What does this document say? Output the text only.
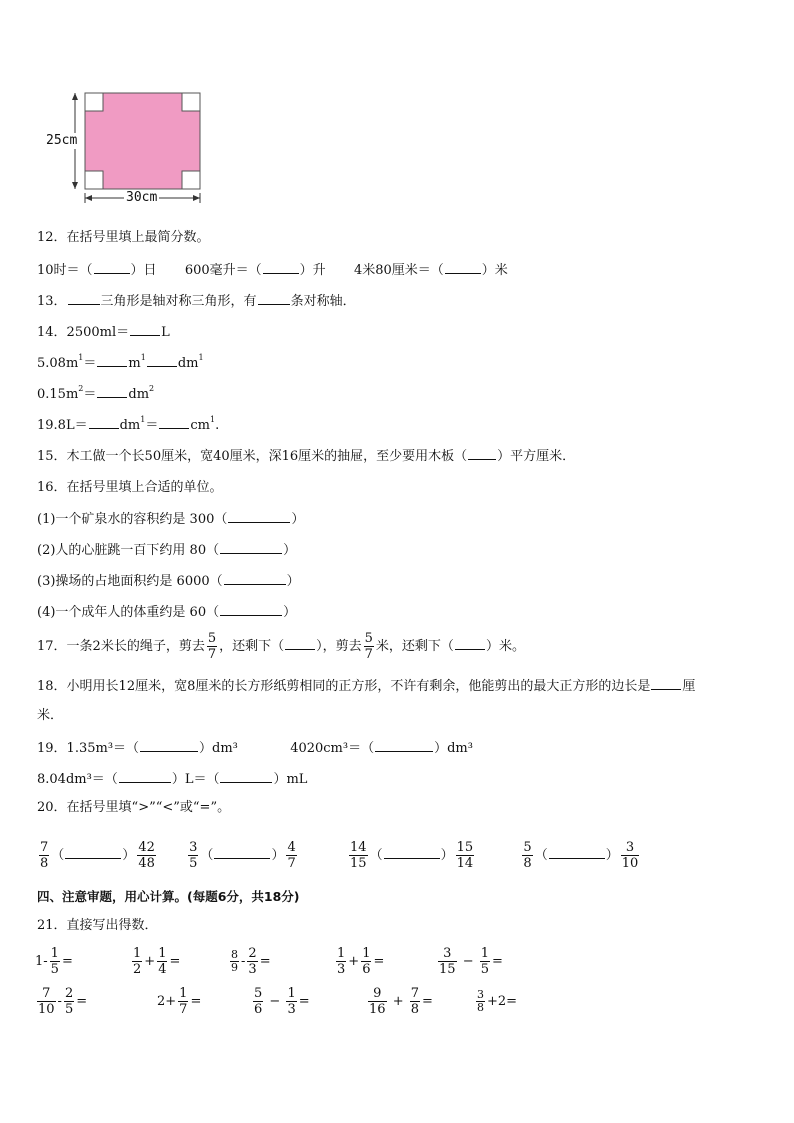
25cm
30cm
12．在括号里填上最简分数。
10时＝（	）日 600毫升＝（	）升 4米80厘米＝（	）米
13．	三角形是轴对称三角形，有	条对称轴．
14．2500ml＝ L
$5.08m^1= m^1$ $dm^1$
$0.15m^2= dm^2$
$19.8L= dm^1= cm^1$.
15．木工做一个长50厘米，宽40厘米，深16厘米的抽屉，至少要用木板（ ）平方厘米．
16．在括号里填上合适的单位。
(1)一个矿泉水的容积约是 300（	）
(2)人的心脏跳一百下约用 80（	）
(3)操场的占地面积约是 6000（	）
(4)一个成年人的体重约是 60（	）
17．一条2米长的绳子，剪去 $\frac{5}{7}$ ，还剩下（ ），剪去 $\frac{5}{7}$ 米，还剩下（ ）米。
18．小明用长12厘米，宽8厘米的长方形纸剪相同的正方形，不许有剩余，他能剪出的最大正方形的边长是 厘
米．
19．1.35m³＝（	）dm³	4020cm³＝（	）dm³
8.04dm³＝（	）L＝（	）mL
20．在括号里填“>”“<”或“=”。
$\frac{7}{8}$ （	） $\frac{42}{48}$
$\frac{3}{5}$ （	） $\frac{4}{7}$
	$\frac{14}{15}$ （	） $\frac{15}{14}$
	$\frac{5}{8}$ （	） $\frac{3}{10}$
四、注意审题，用心计算。(每题6分，共18分)
21．直接写出得数．
$1- \frac{1}{5}$ =	$\frac{1}{2} + \frac{1}{4}$ =	$\frac{8}{9} - \frac{2}{3}$ =	$\frac{1}{3} + \frac{1}{6}$ =	$\frac{3}{15} - \frac{1}{5}$ =
$\frac{7}{10} - \frac{2}{5}$ =	$2+ \frac{1}{7}$ =	$\frac{5}{6} - \frac{1}{3}$ =	$\frac{9}{16} + \frac{7}{8}$ =	$\frac{3}{8} +2=$
